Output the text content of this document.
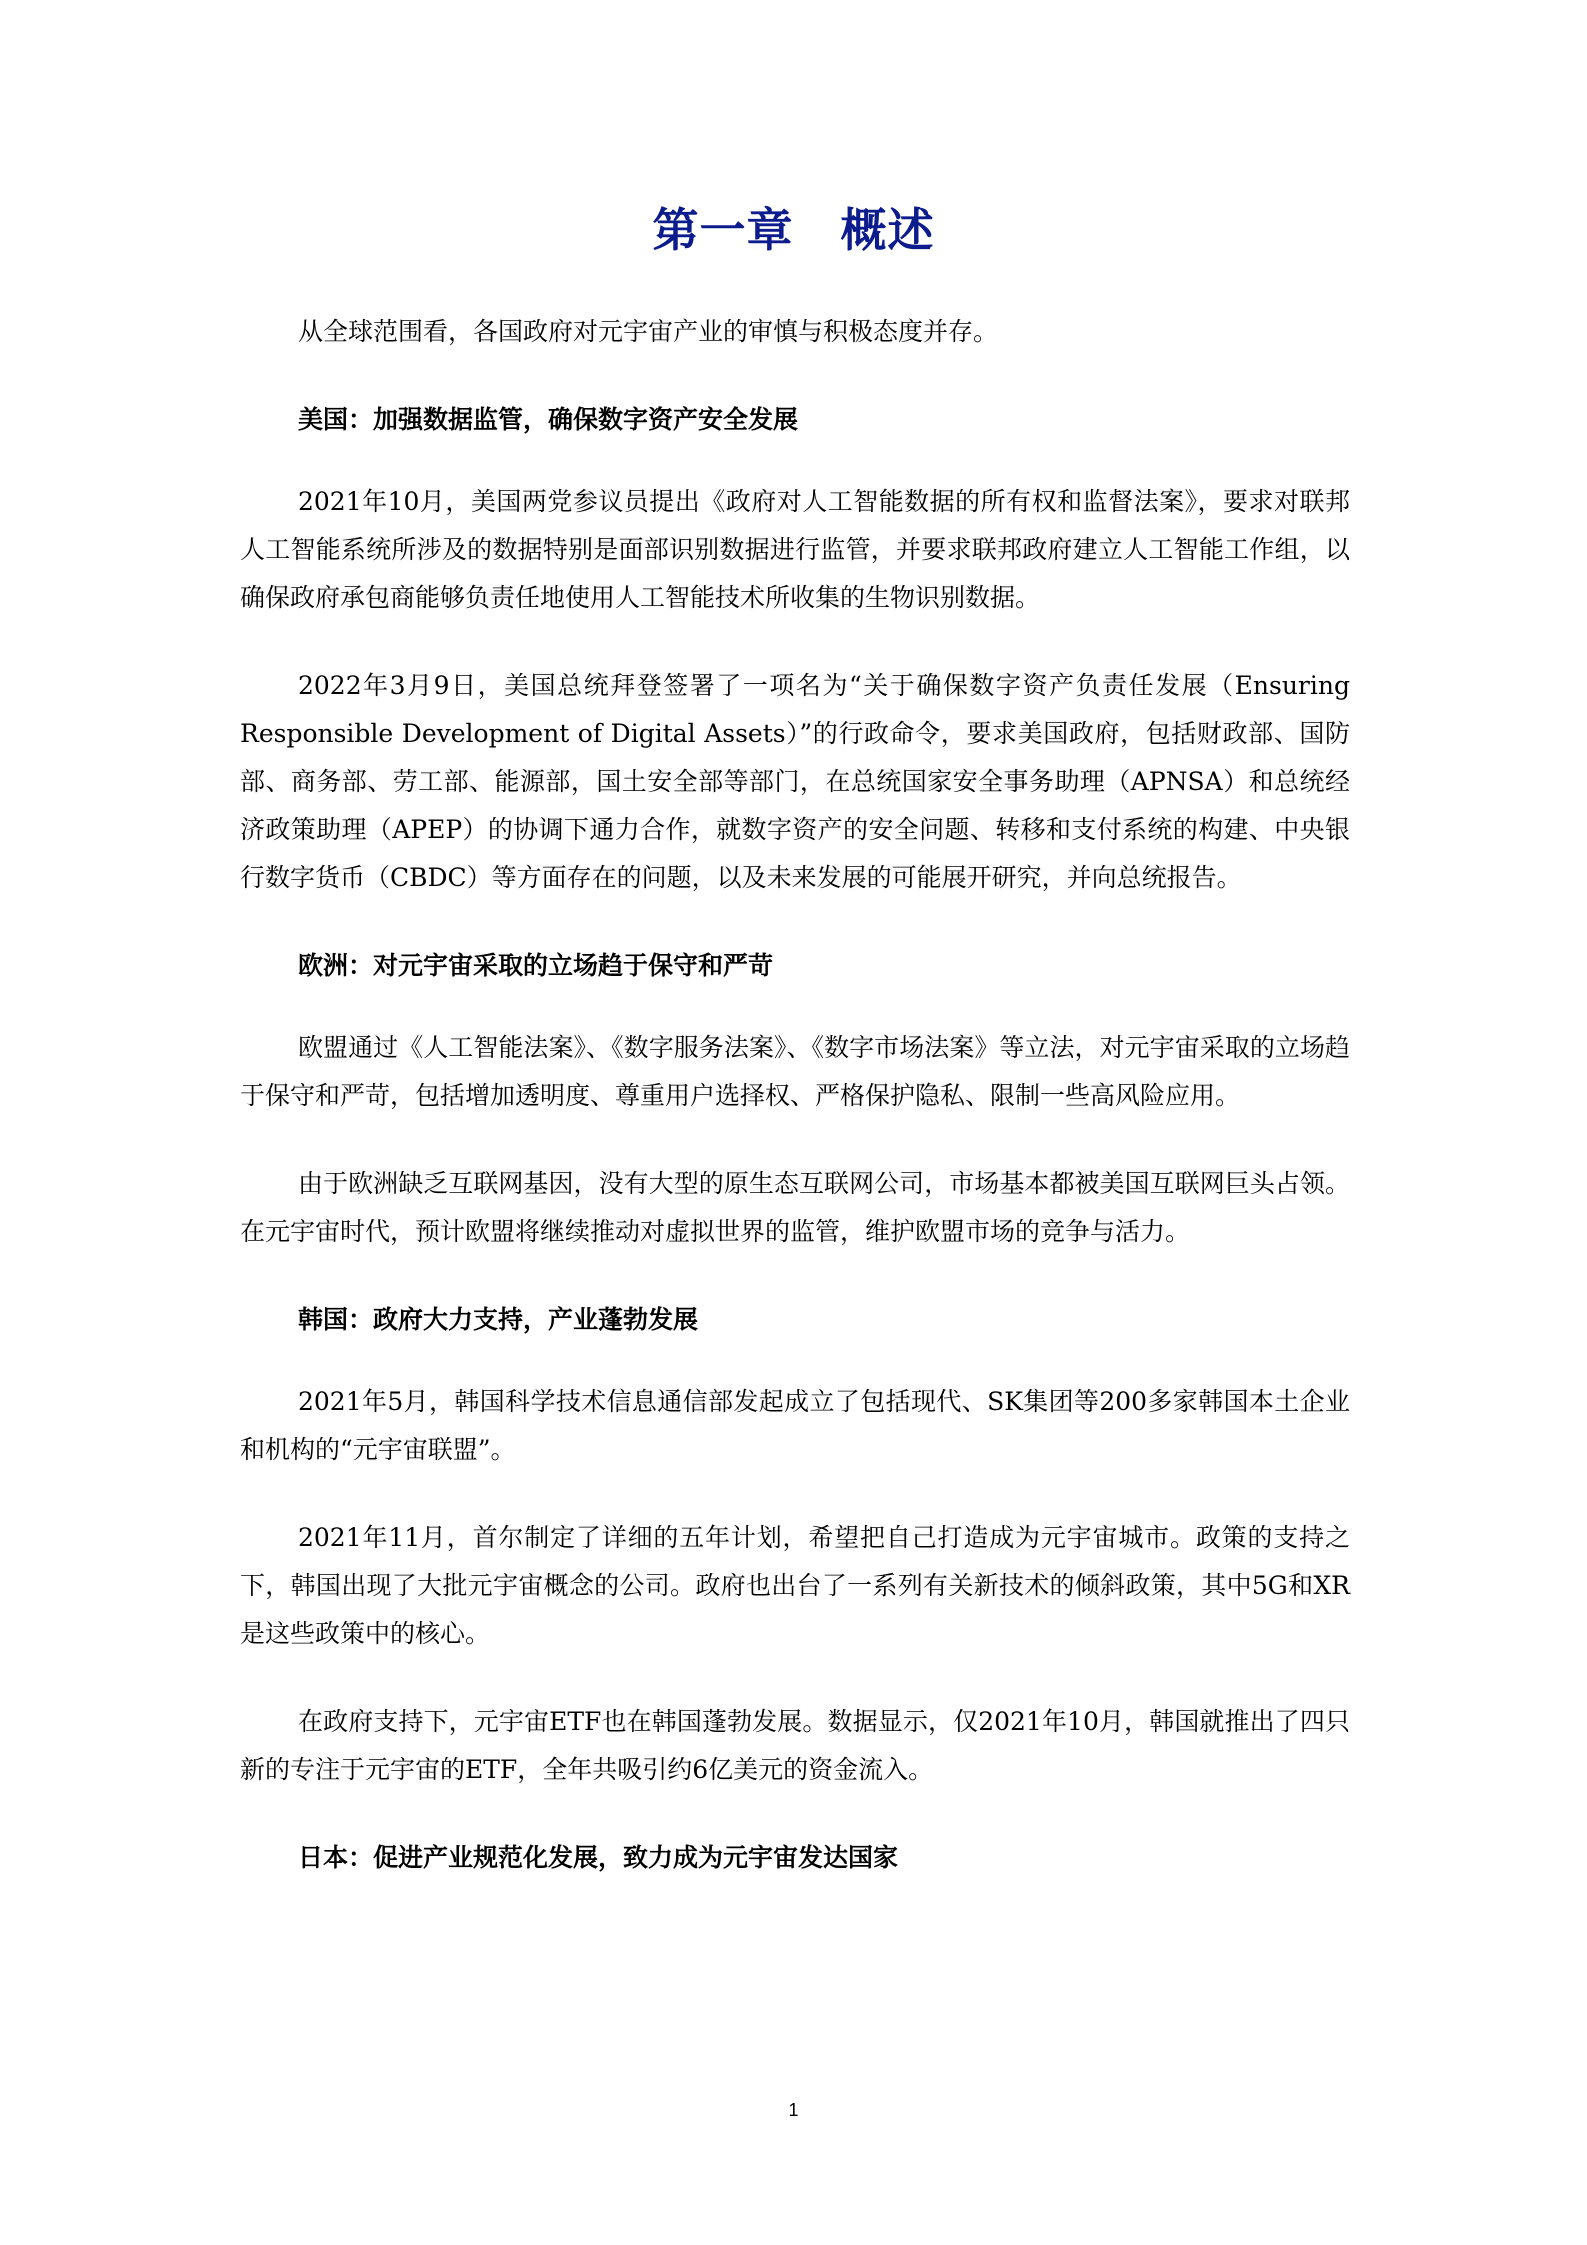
第一章　概述

从全球范围看，各国政府对元宇宙产业的审慎与积极态度并存。

美国：加强数据监管，确保数字资产安全发展

2021年10月，美国两党参议员提出《政府对人工智能数据的所有权和监督法案》，要求对联邦人工智能系统所涉及的数据特别是面部识别数据进行监管，并要求联邦政府建立人工智能工作组，以确保政府承包商能够负责任地使用人工智能技术所收集的生物识别数据。

2022年3月9日，美国总统拜登签署了一项名为“关于确保数字资产负责任发展（Ensuring Responsible Development of Digital Assets）”的行政命令，要求美国政府，包括财政部、国防部、商务部、劳工部、能源部，国土安全部等部门，在总统国家安全事务助理（APNSA）和总统经济政策助理（APEP）的协调下通力合作，就数字资产的安全问题、转移和支付系统的构建、中央银行数字货币（CBDC）等方面存在的问题，以及未来发展的可能展开研究，并向总统报告。

欧洲：对元宇宙采取的立场趋于保守和严苛

欧盟通过《人工智能法案》、《数字服务法案》、《数字市场法案》等立法，对元宇宙采取的立场趋于保守和严苛，包括增加透明度、尊重用户选择权、严格保护隐私、限制一些高风险应用。

由于欧洲缺乏互联网基因，没有大型的原生态互联网公司，市场基本都被美国互联网巨头占领。在元宇宙时代，预计欧盟将继续推动对虚拟世界的监管，维护欧盟市场的竞争与活力。

韩国：政府大力支持，产业蓬勃发展

2021年5月，韩国科学技术信息通信部发起成立了包括现代、SK集团等200多家韩国本土企业和机构的“元宇宙联盟”。

2021年11月，首尔制定了详细的五年计划，希望把自己打造成为元宇宙城市。政策的支持之下，韩国出现了大批元宇宙概念的公司。政府也出台了一系列有关新技术的倾斜政策，其中5G和XR是这些政策中的核心。

在政府支持下，元宇宙ETF也在韩国蓬勃发展。数据显示，仅2021年10月，韩国就推出了四只新的专注于元宇宙的ETF，全年共吸引约6亿美元的资金流入。

日本：促进产业规范化发展，致力成为元宇宙发达国家

1
